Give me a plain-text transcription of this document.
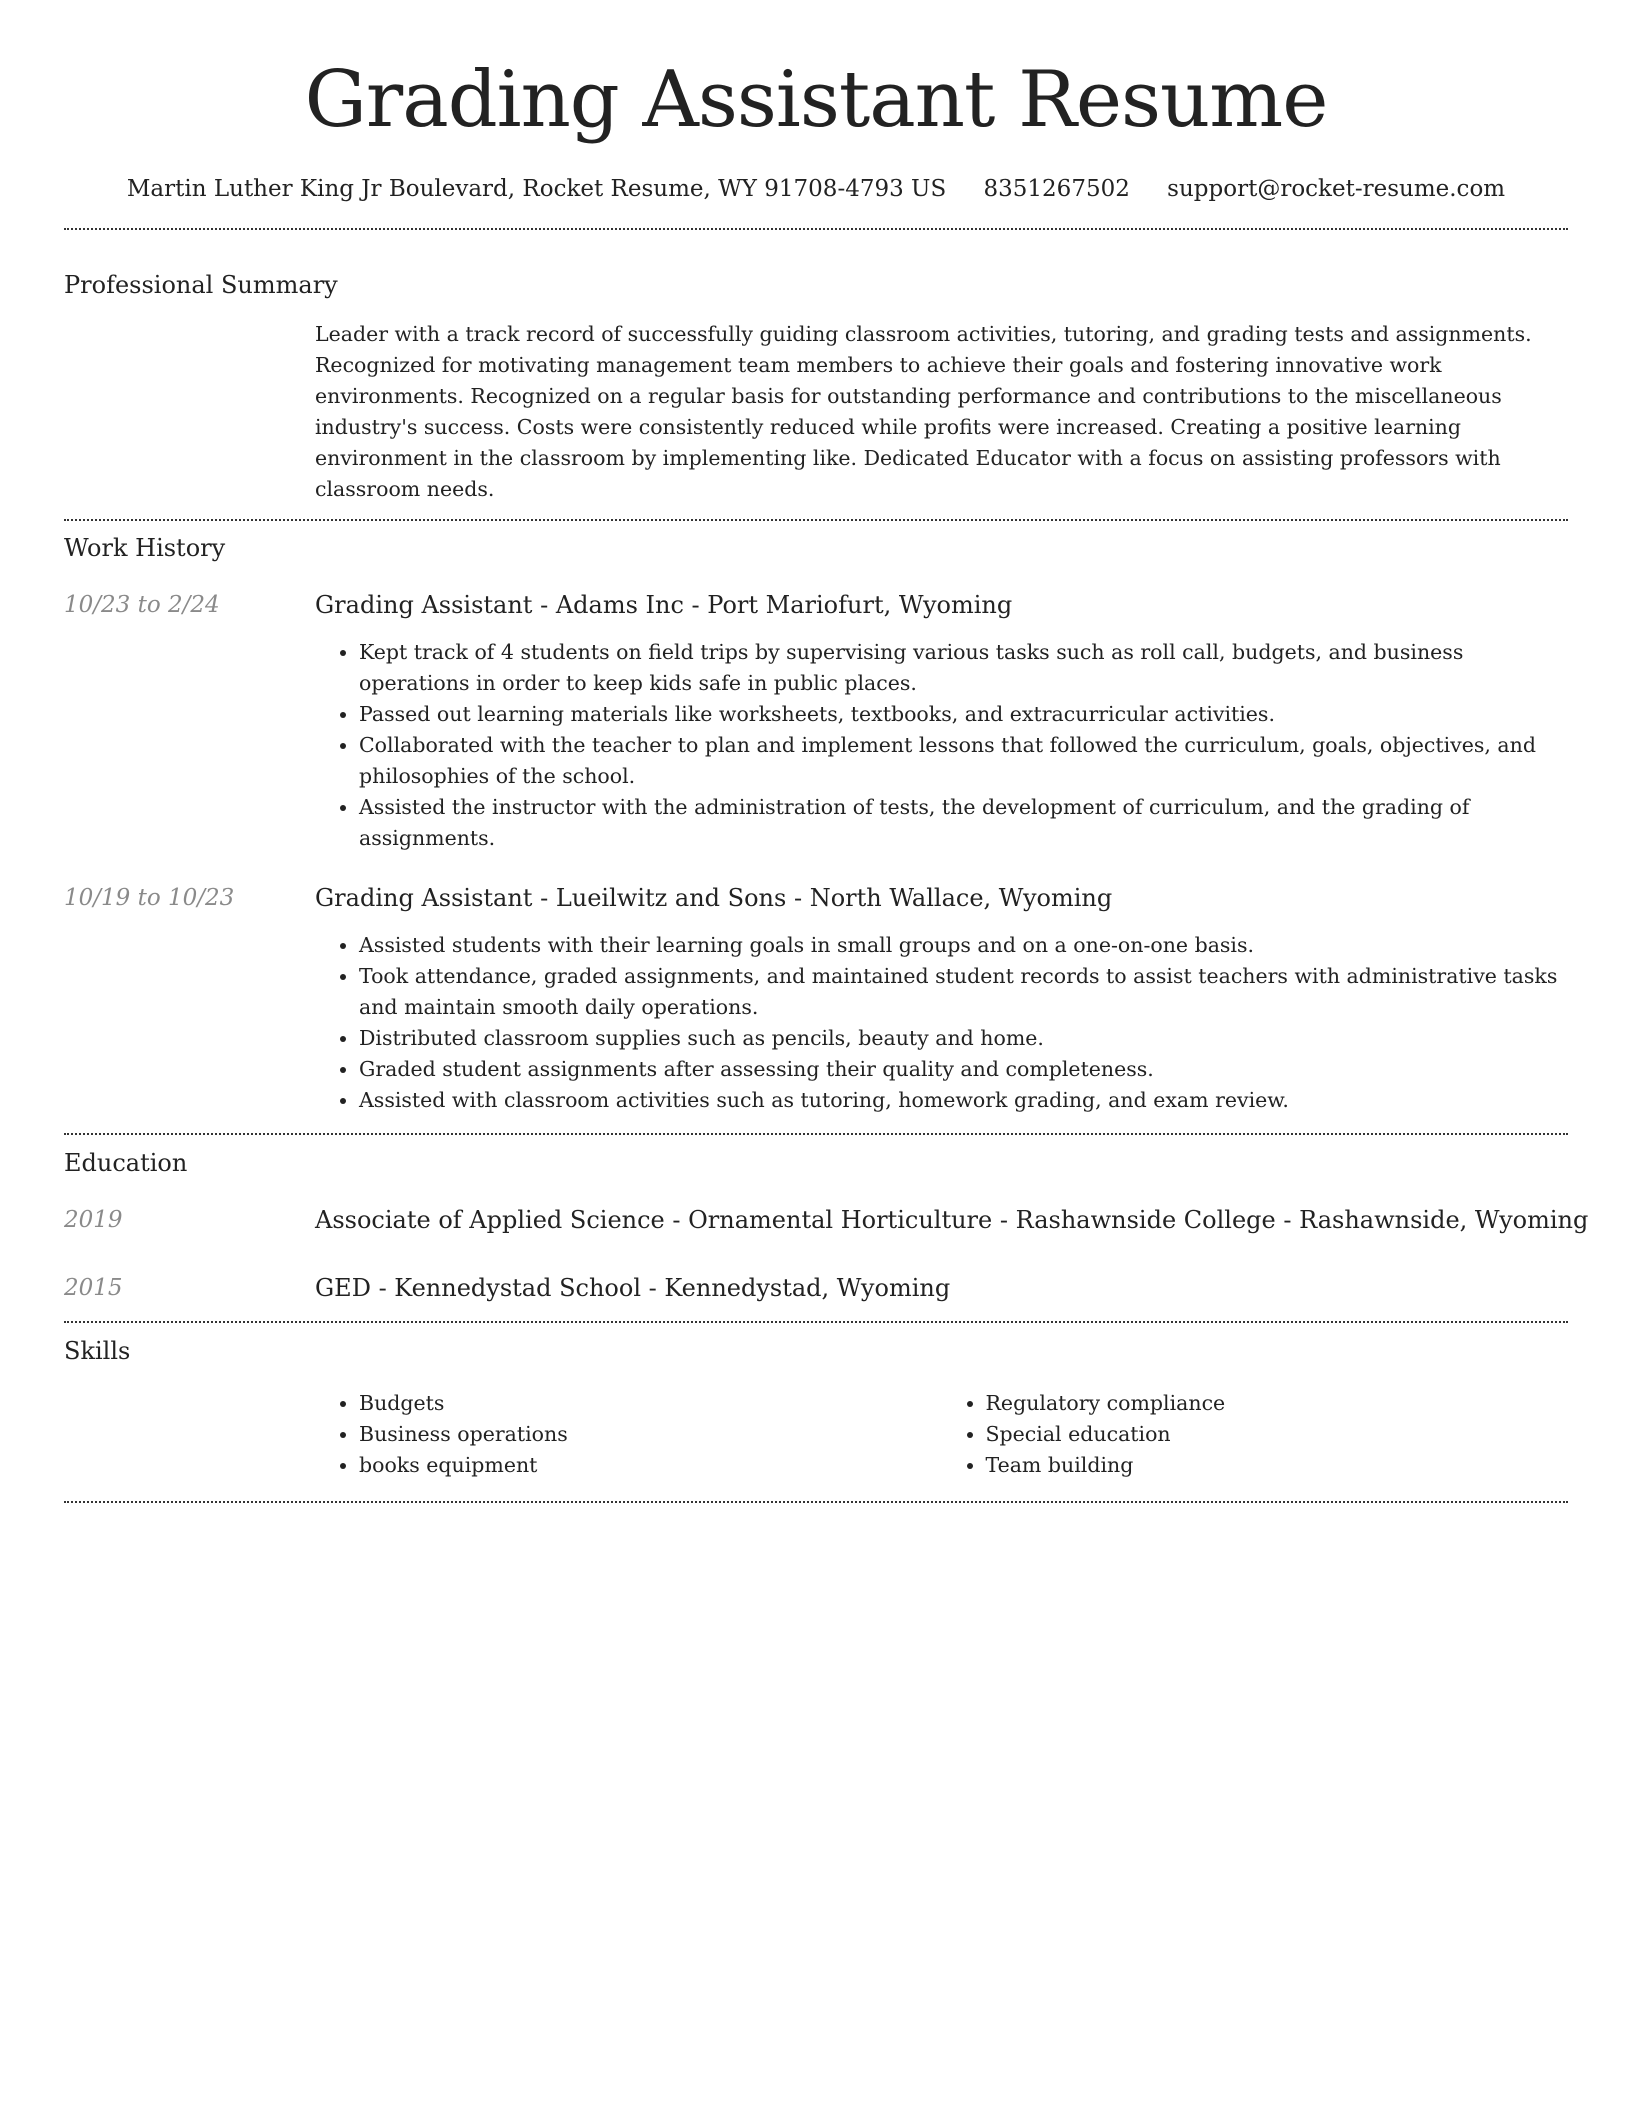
Grading Assistant Resume
Martin Luther King Jr Boulevard, Rocket Resume, WY 91708-4793 US 8351267502 support@rocket-resume.com
Professional Summary

Leader with a track record of successfully guiding classroom activities, tutoring, and grading tests and assignments. Recognized for motivating management team members to achieve their goals and fostering innovative work environments. Recognized on a regular basis for outstanding performance and contributions to the miscellaneous industry's success. Costs were consistently reduced while profits were increased. Creating a positive learning environment in the classroom by implementing like. Dedicated Educator with a focus on assisting professors with classroom needs.

Work History
10/23 to 2/24	Grading Assistant - Adams Inc - Port Mariofurt, Wyoming
• Kept track of 4 students on field trips by supervising various tasks such as roll call, budgets, and business operations in order to keep kids safe in public places.
• Passed out learning materials like worksheets, textbooks, and extracurricular activities.
• Collaborated with the teacher to plan and implement lessons that followed the curriculum, goals, objectives, and philosophies of the school.
• Assisted the instructor with the administration of tests, the development of curriculum, and the grading of assignments.
10/19 to 10/23	Grading Assistant - Lueilwitz and Sons - North Wallace, Wyoming
• Assisted students with their learning goals in small groups and on a one-on-one basis.
• Took attendance, graded assignments, and maintained student records to assist teachers with administrative tasks and maintain smooth daily operations.
• Distributed classroom supplies such as pencils, beauty and home.
• Graded student assignments after assessing their quality and completeness.
• Assisted with classroom activities such as tutoring, homework grading, and exam review.
Education
2019	Associate of Applied Science - Ornamental Horticulture - Rashawnside College - Rashawnside, Wyoming
2015	GED - Kennedystad School - Kennedystad, Wyoming
Skills
• Budgets
• Business operations
• books equipment
• Regulatory compliance
• Special education
• Team building
